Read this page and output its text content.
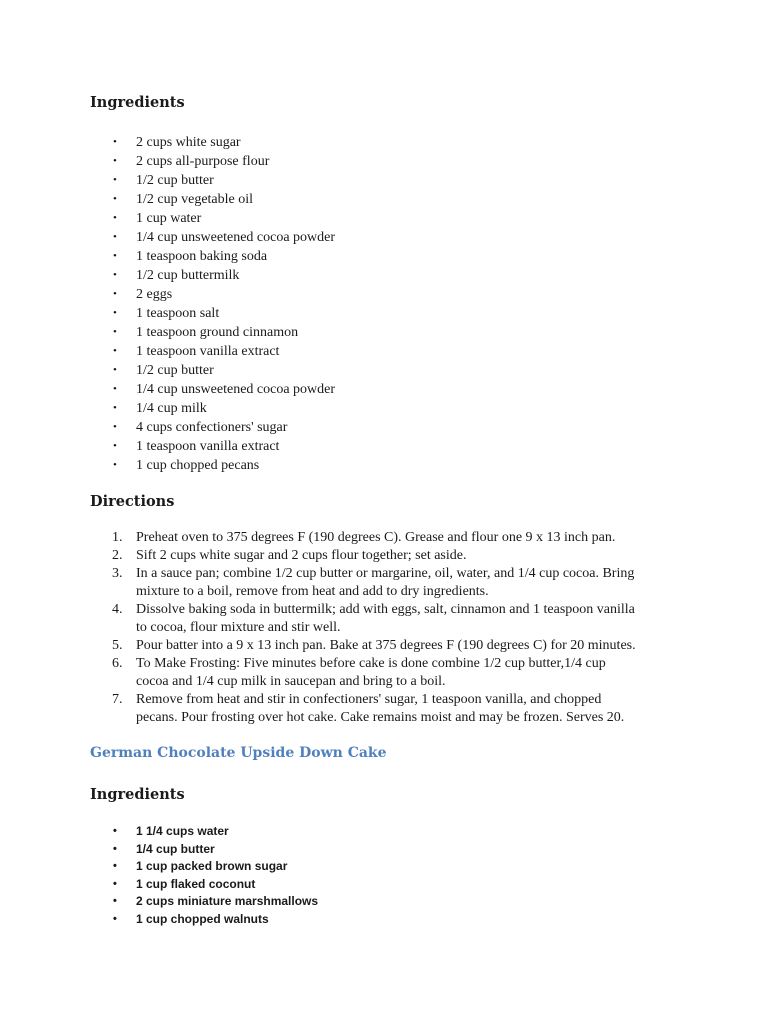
Ingredients
• 2 cups white sugar
• 2 cups all-purpose flour
• 1/2 cup butter
• 1/2 cup vegetable oil
• 1 cup water
• 1/4 cup unsweetened cocoa powder
• 1 teaspoon baking soda
• 1/2 cup buttermilk
• 2 eggs
• 1 teaspoon salt
• 1 teaspoon ground cinnamon
• 1 teaspoon vanilla extract
• 1/2 cup butter
• 1/4 cup unsweetened cocoa powder
• 1/4 cup milk
• 4 cups confectioners' sugar
• 1 teaspoon vanilla extract
• 1 cup chopped pecans
Directions
1. Preheat oven to 375 degrees F (190 degrees C). Grease and flour one 9 x 13 inch pan.
2. Sift 2 cups white sugar and 2 cups flour together; set aside.
3. In a sauce pan; combine 1/2 cup butter or margarine, oil, water, and 1/4 cup cocoa. Bring
mixture to a boil, remove from heat and add to dry ingredients.
4. Dissolve baking soda in buttermilk; add with eggs, salt, cinnamon and 1 teaspoon vanilla
to cocoa, flour mixture and stir well.
5. Pour batter into a 9 x 13 inch pan. Bake at 375 degrees F (190 degrees C) for 20 minutes.
6. To Make Frosting: Five minutes before cake is done combine 1/2 cup butter,1/4 cup
cocoa and 1/4 cup milk in saucepan and bring to a boil.
7. Remove from heat and stir in confectioners' sugar, 1 teaspoon vanilla, and chopped
pecans. Pour frosting over hot cake. Cake remains moist and may be frozen. Serves 20.
German Chocolate Upside Down Cake
Ingredients
• 1 1/4 cups water
• 1/4 cup butter
• 1 cup packed brown sugar
• 1 cup flaked coconut
• 2 cups miniature marshmallows
• 1 cup chopped walnuts
